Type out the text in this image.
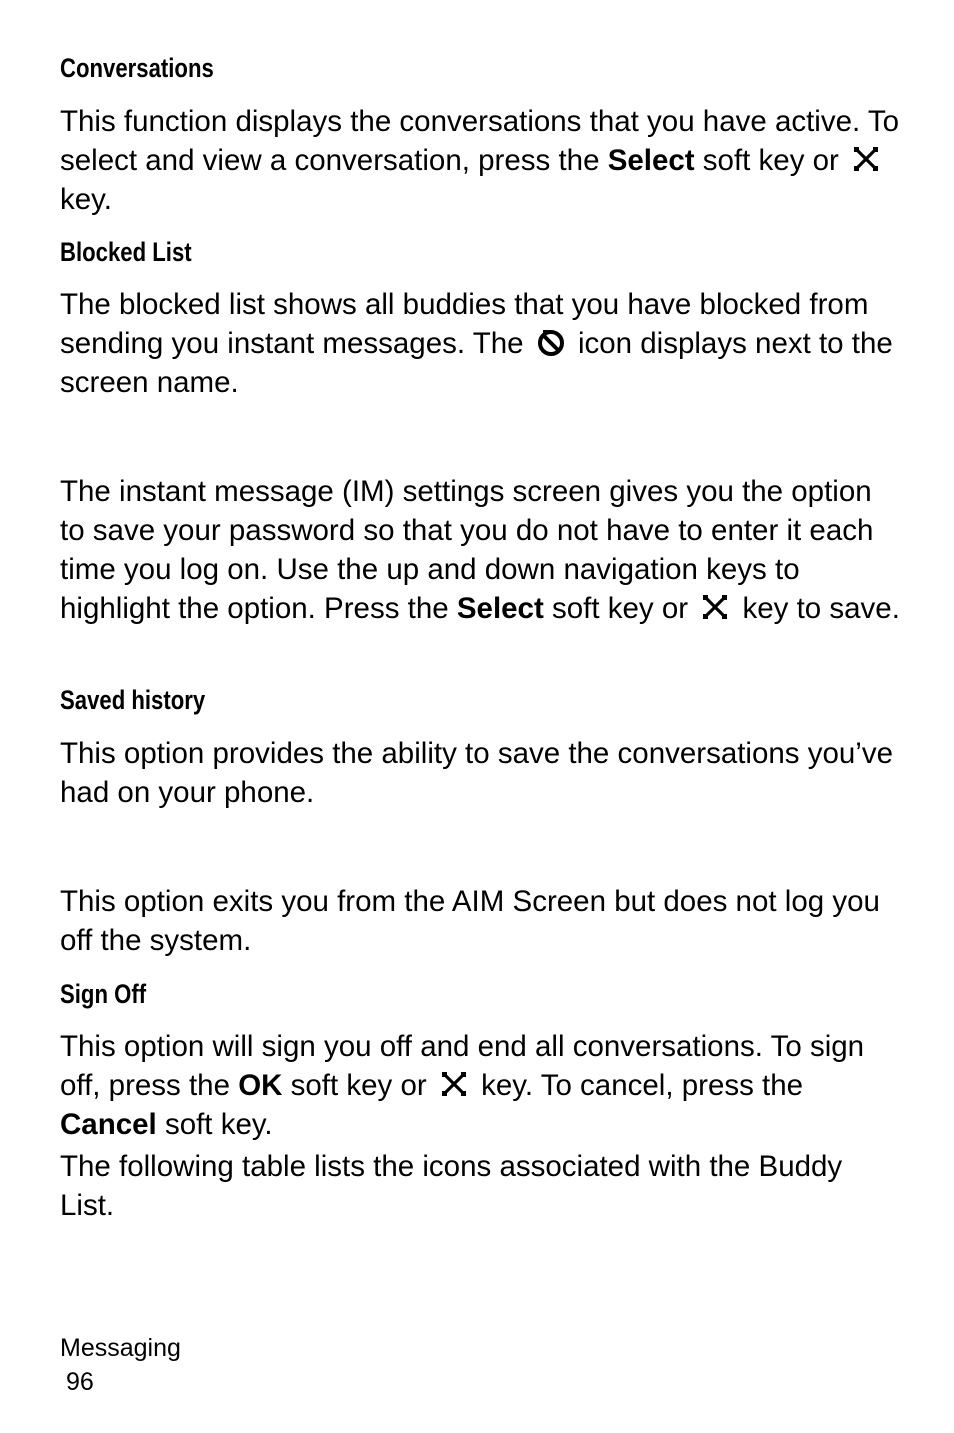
Conversations

This function displays the conversations that you have active. To select and view a conversation, press the Select soft key or
key.

Blocked List

The blocked list shows all buddies that you have blocked from sending you instant messages. The
icon displays next to the screen name.

The instant message (IM) settings screen gives you the option to save your password so that you do not have to enter it each time you log on. Use the up and down navigation keys to highlight the option. Press the Select soft key or
key to save.

Saved history

This option provides the ability to save the conversations you’ve had on your phone.

This option exits you from the AIM Screen but does not log you off the system.

Sign Off

This option will sign you off and end all conversations. To sign off, press the OK soft key or
key. To cancel, press the Cancel soft key.

The following table lists the icons associated with the Buddy List.

Messaging

96
